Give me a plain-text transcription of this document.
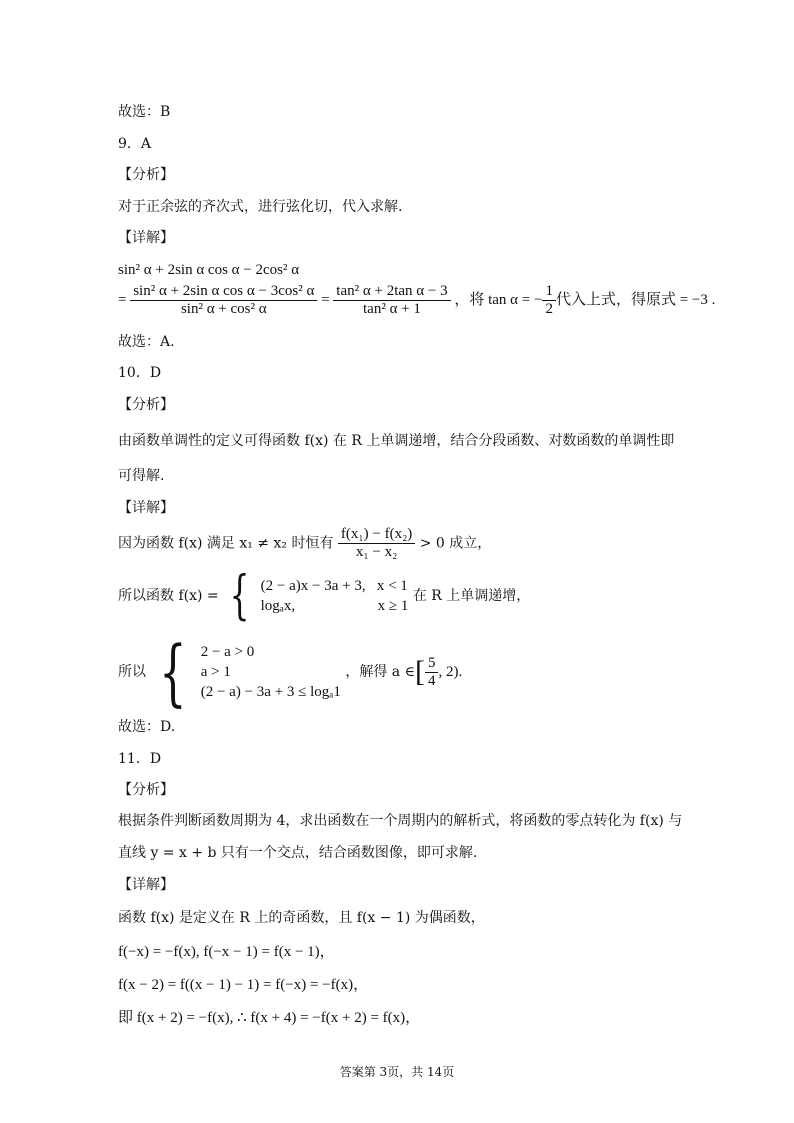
故选：B
9．A
【分析】
对于正余弦的齐次式，进行弦化切，代入求解.
【详解】
sin² α + 2sin α cos α − 2cos² α
= $\frac{\text{sin² α + 2sin α cos α − 3cos² α}}{\text{sin² α + cos² α}} = \frac{\text{tan² α + 2tan α − 3}}{\text{tan² α + 1}}$ ，将 tan α = − $\frac{1}{2}$ 代入上式，得原式 = −3 .
故选：A.
10．D
【分析】
由函数单调性的定义可得函数 f(x) 在 R 上单调递增，结合分段函数、对数函数的单调性即
可得解.
【详解】
因为函数 f(x) 满足 x₁ ≠ x₂ 时恒有 $\frac{\text{f(x₁) − f(x₂)}}{\text{x₁ − x₂}} > 0$ 成立，
所以函数 f(x) = { (2 − a)x − 3a + 3,   x < 1
logₐx,                      x ≥ 1
在 R 上单调递增，
所以 { 2 − a > 0
a > 1
(2 − a) − 3a + 3 ≤ logₐ1
，解得 a ∈[ $\frac{5}{4}$ , 2).
故选：D.
11．D
【分析】
根据条件判断函数周期为 4，求出函数在一个周期内的解析式，将函数的零点转化为 f(x) 与
直线 y = x + b 只有一个交点，结合函数图像，即可求解.
【详解】
函数 f(x) 是定义在 R 上的奇函数，且 f(x − 1) 为偶函数，
f(−x) = −f(x), f(−x − 1) = f(x − 1)，
f(x − 2) = f((x − 1) − 1) = f(−x) = −f(x)，
即 f(x + 2) = −f(x), ∴ f(x + 4) = −f(x + 2) = f(x)，
答案第 3页，共 14页
